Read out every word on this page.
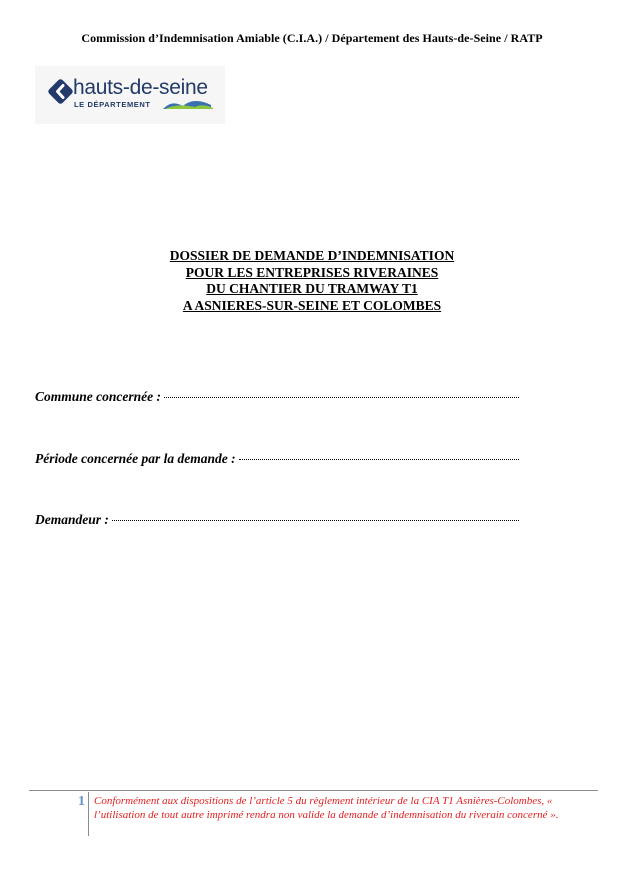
Commission d’Indemnisation Amiable (C.I.A.) / Département des Hauts-de-Seine / RATP
hauts-de-seine
LE DÉPARTEMENT
DOSSIER DE DEMANDE D’INDEMNISATION
POUR LES ENTREPRISES RIVERAINES
DU CHANTIER DU TRAMWAY T1
A ASNIERES-SUR-SEINE ET COLOMBES
Commune concernée :
Période concernée par la demande :
Demandeur :
1 Conformément aux dispositions de l’article 5 du règlement intérieur de la CIA T1 Asnières-Colombes, « l’utilisation de tout autre imprimé rendra non valide la demande d’indemnisation du riverain concerné ».
